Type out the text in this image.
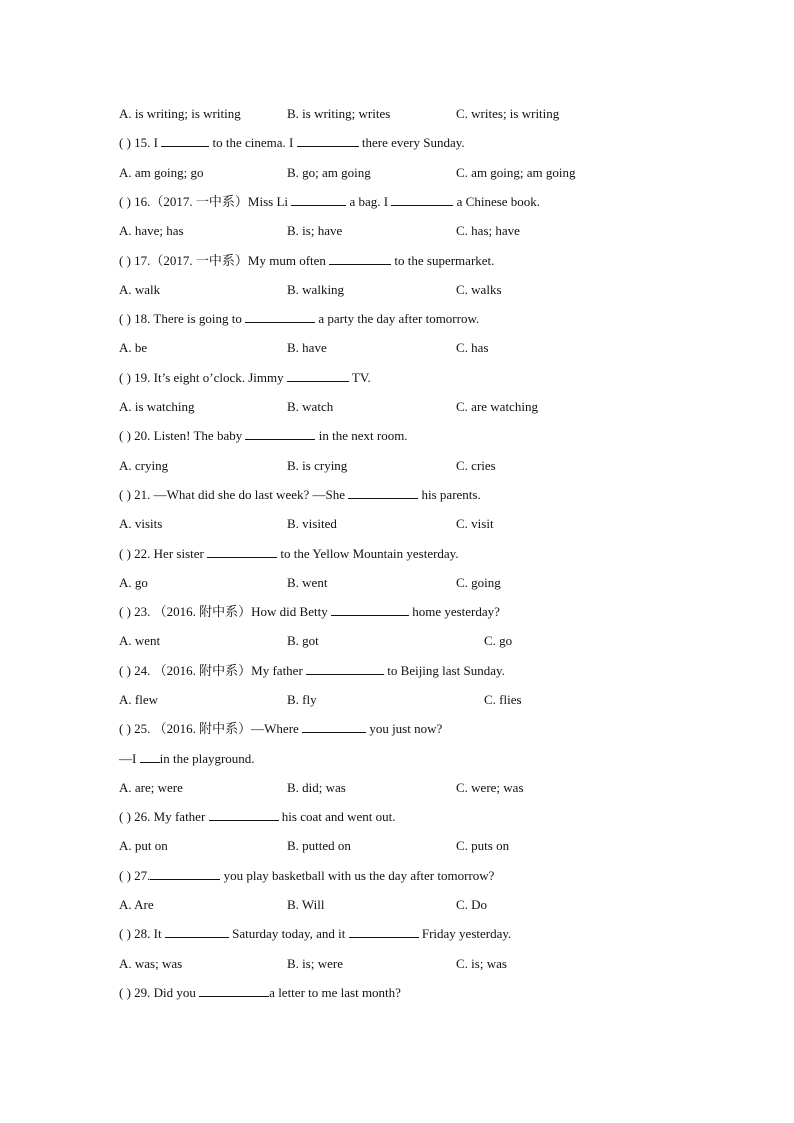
A. is writing; is writing	B. is writing; writes	C. writes; is writing
( ) 15. I	to the cinema. I	there every Sunday.
A. am going; go	B. go; am going	C. am going; am going
( ) 16.（2017. 一中系）Miss Li	a bag. I	a Chinese book.
A. have; has	B. is; have	C. has; have
( ) 17.（2017. 一中系）My mum often	to the supermarket.
A. walk	B. walking	C. walks
( ) 18. There is going to	a party the day after tomorrow.
A. be	B. have	C. has
( ) 19. It’s eight o’clock. Jimmy	TV.
A. is watching	B. watch	C. are watching
( ) 20. Listen! The baby	in the next room.
A. crying	B. is crying	C. cries
( ) 21. —What did she do last week? —She	his parents.
A. visits	B. visited	C. visit
( ) 22. Her sister	to the Yellow Mountain yesterday.
A. go	B. went	C. going
( ) 23. （2016. 附中系）How did Betty	home yesterday?
A. went	B. got	C. go
( ) 24. （2016. 附中系）My father	to Beijing last Sunday.
A. flew	B. fly	C. flies
( ) 25. （2016. 附中系）—Where	you just now?
—I in the playground.
A. are; were	B. did; was	C. were; was
( ) 26. My father	his coat and went out.
A. put on	B. putted on	C. puts on
( ) 27.	you play basketball with us the day after tomorrow?
A. Are	B. Will	C. Do
( ) 28. It	Saturday today, and it	Friday yesterday.
A. was; was	B. is; were	C. is; was
( ) 29. Did you	a letter to me last month?
